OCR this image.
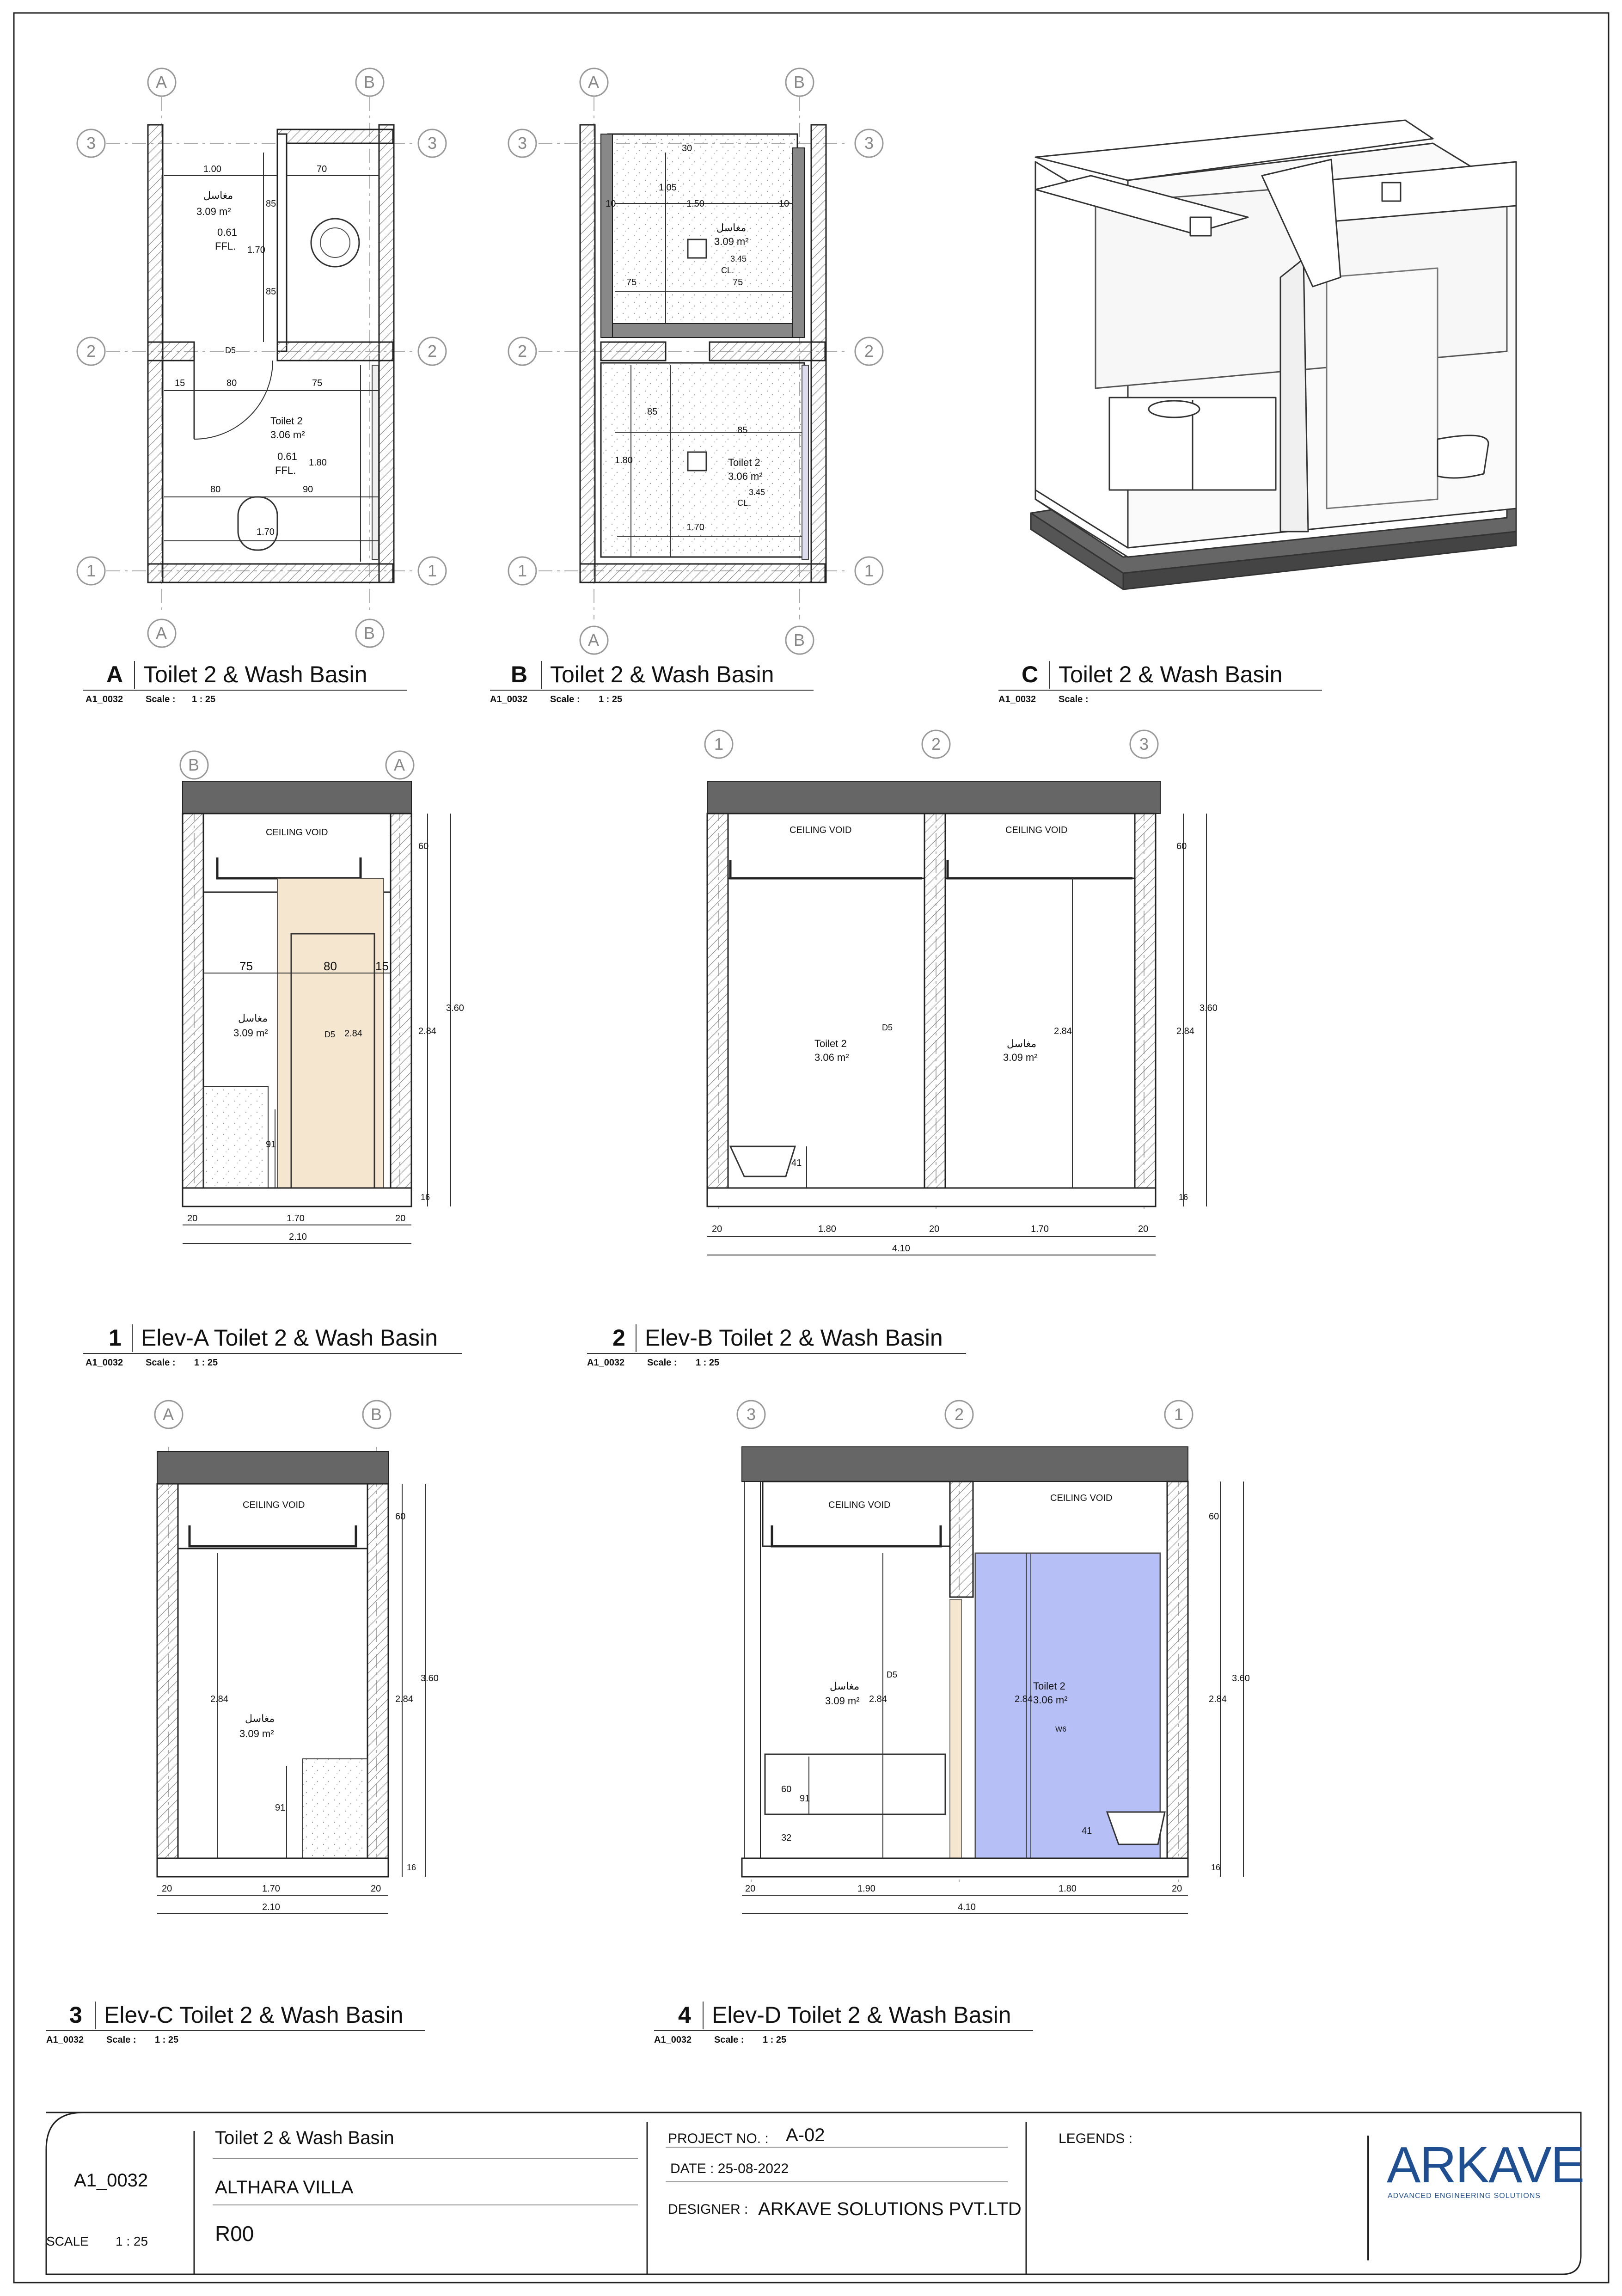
A	B
A	B
3	3
2	2
1	1
A	B
A	B
3	3
2	2
1	1
B	A
1	2	3
A	B	3	2	1
1.00	70
مغاسل
3.09 m²
0.61
FFL.
85
1.70
85
D5
15	80	75
Toilet 2
3.06 m²
0.61
FFL.
1.80
80	90
1.70
30
1.05
10	1.50	10
مغاسل
3.09 m²
3.45
CL.
75	75
85
85
Toilet 2
3.06 m²
3.45
CL.
1.80
1.70
CEILING VOID
75	80	15
مغاسل
3.09 m²	D5 2.84
91
60
2.84
3.60
16
20	1.70	20
2.10
CEILING VOID	CEILING VOID
D5
Toilet 2
3.06 m²
مغاسل
3.09 m²
2.84
41
60
2.84
3.60
16
20	1.80	20	1.70	20
4.10
CEILING VOID
2.84
مغاسل
3.09 m²
91
60
2.84
3.60
16
20	1.70	20
2.10
CEILING VOID
CEILING VOID
D5
مغاسل
3.09 m² 2.84
Toilet 2
3.06 m²
2.84
W6
60
91
32
41
60
2.84
3.60
16
20	1.90	1.80	20
4.10
A Toilet 2 & Wash Basin
A1_0032 Scale : 1 : 25
B Toilet 2 & Wash Basin
A1_0032 Scale : 1 : 25
C Toilet 2 & Wash Basin
A1_0032 Scale :
1 Elev-A Toilet 2 & Wash Basin
A1_0032 Scale : 1 : 25
2 Elev-B Toilet 2 & Wash Basin
A1_0032 Scale : 1 : 25
3 Elev-C Toilet 2 & Wash Basin
A1_0032 Scale : 1 : 25
4 Elev-D Toilet 2 & Wash Basin
A1_0032 Scale : 1 : 25
A1_0032
SCALE 1 : 25
Toilet 2 & Wash Basin
ALTHARA VILLA
R00
PROJECT NO. : A-02
DATE : 25-08-2022
DESIGNER : ARKAVE SOLUTIONS PVT.LTD
LEGENDS :	ARKAVE
ADVANCED ENGINEERING SOLUTIONS
